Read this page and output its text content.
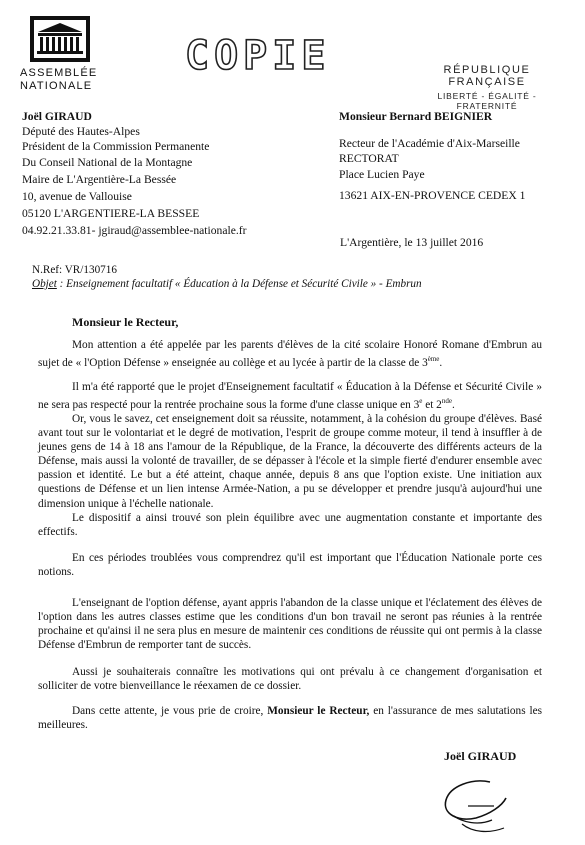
ASSEMBLÉE
NATIONALE
COPIE	RÉPUBLIQUE FRANÇAISE
LIBERTÉ - ÉGALITÉ - FRATERNITÉ
Joël GIRAUD
Député des Hautes-Alpes
Président de la Commission Permanente
Du Conseil National de la Montagne
Maire de L'Argentière-La Bessée
10, avenue de Vallouise
05120 L'ARGENTIERE-LA BESSEE
04.92.21.33.81- jgiraud@assemblee-nationale.fr
Monsieur Bernard BEIGNIER
Recteur de l'Académie d'Aix-Marseille
RECTORAT
Place Lucien Paye
13621 AIX-EN-PROVENCE CEDEX 1
L'Argentière, le 13 juillet 2016
N.Ref: VR/130716
Objet : Enseignement facultatif « Éducation à la Défense et Sécurité Civile » - Embrun
Monsieur le Recteur,

Mon attention a été appelée par les parents d'élèves de la cité scolaire Honoré Romane d'Embrun au sujet de « l'Option Défense » enseignée au collège et au lycée à partir de la classe de 3ème.

Il m'a été rapporté que le projet d'Enseignement facultatif « Éducation à la Défense et Sécurité Civile » ne sera pas respecté pour la rentrée prochaine sous la forme d'une classe unique en 3e et 2nde.

Or, vous le savez, cet enseignement doit sa réussite, notamment, à la cohésion du groupe d'élèves. Basé avant tout sur le volontariat et le degré de motivation, l'esprit de groupe comme moteur, il tend à insuffler à de jeunes gens de 14 à 18 ans l'amour de la République, de la France, la découverte des différents acteurs de la Défense, mais aussi la volonté de travailler, de se dépasser à l'école et la simple fierté d'endurer ensemble avec passion et identité. Le but a été atteint, chaque année, depuis 8 ans que l'option existe. Une initiation aux questions de Défense et un lien intense Armée-Nation, a pu se développer et prendre jusqu'à aujourd'hui une dimension unique à l'échelle nationale.

Le dispositif a ainsi trouvé son plein équilibre avec une augmentation constante et importante des effectifs.

En ces périodes troublées vous comprendrez qu'il est important que l'Éducation Nationale porte ces notions.

L'enseignant de l'option défense, ayant appris l'abandon de la classe unique et l'éclatement des élèves de l'option dans les autres classes estime que les conditions d'un bon travail ne seront pas réunies à la rentrée prochaine et qu'ainsi il ne sera plus en mesure de maintenir ces conditions de réussite qui ont permis à la classe Défense d'Embrun de remporter tant de succès.

Aussi je souhaiterais connaître les motivations qui ont prévalu à ce changement d'organisation et solliciter de votre bienveillance le réexamen de ce dossier.

Dans cette attente, je vous prie de croire, Monsieur le Recteur, en l'assurance de mes salutations les meilleures.

Joël GIRAUD
